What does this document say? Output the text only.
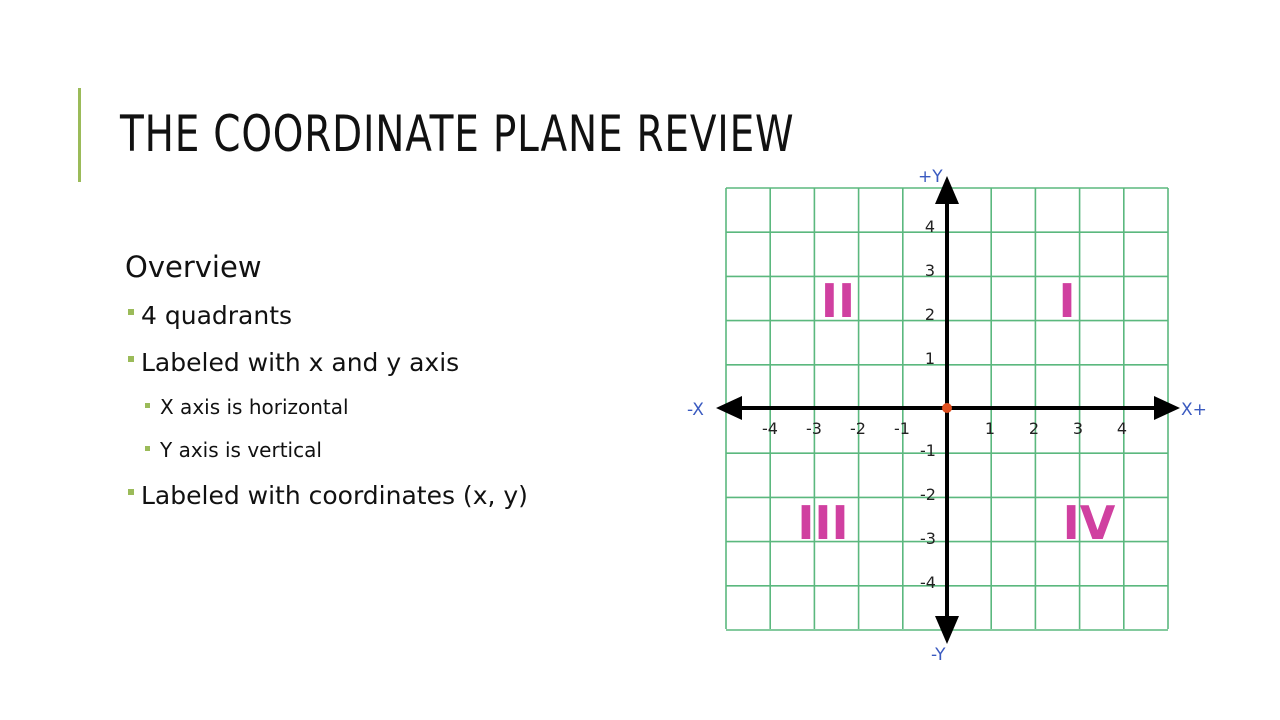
THE COORDINATE PLANE REVIEW
Overview
4 quadrants
Labeled with x and y axis
X axis is horizontal
Y axis is vertical
Labeled with coordinates (x, y)
X+
-X
+Y
-Y
-4 -3 -2 -1	1 2 3 4
4
3
2
1
-1
-2
-3
-4
I
II
III	IV
